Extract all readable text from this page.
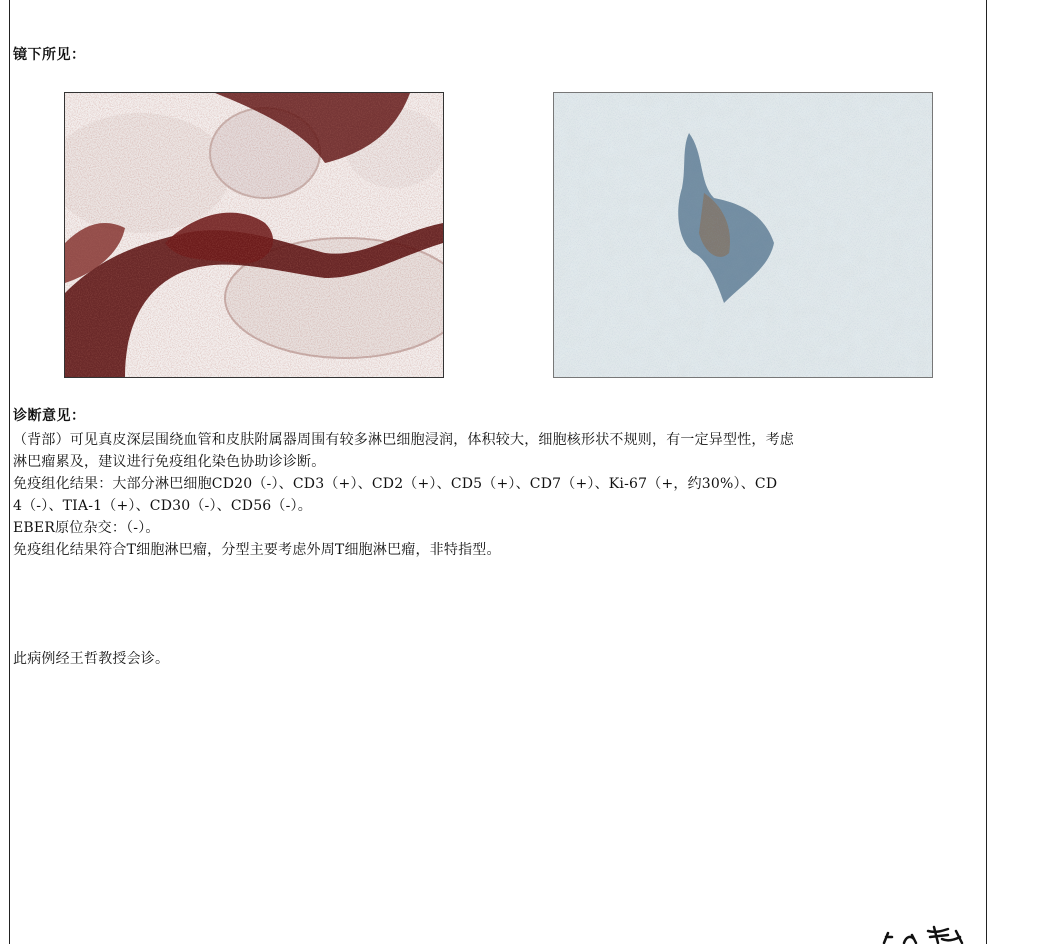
镜下所见：
诊断意见：
（背部）可见真皮深层围绕血管和皮肤附属器周围有较多淋巴细胞浸润，体积较大，细胞核形状不规则，有一定异型性，考虑
淋巴瘤累及，建议进行免疫组化染色协助诊诊断。
免疫组化结果：大部分淋巴细胞CD20（-）、CD3（+）、CD2（+）、CD5（+）、CD7（+）、Ki-67（+，约30%）、CD
4（-）、TIA-1（+）、CD30（-）、CD56（-）。
EBER原位杂交：（-）。
免疫组化结果符合T细胞淋巴瘤，分型主要考虑外周T细胞淋巴瘤，非特指型。
此病例经王哲教授会诊。
